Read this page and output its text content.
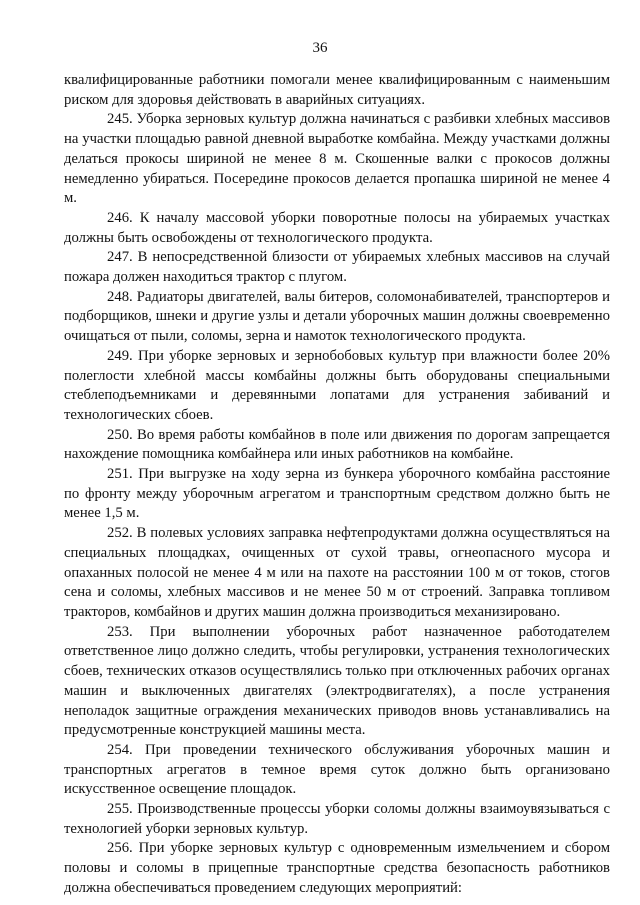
36

квалифицированные работники помогали менее квалифицированным с наименьшим риском для здоровья действовать в аварийных ситуациях.

245. Уборка зерновых культур должна начинаться с разбивки хлебных массивов на участки площадью равной дневной выработке комбайна. Между участками должны делаться прокосы шириной не менее 8 м. Скошенные валки с прокосов должны немедленно убираться. Посередине прокосов делается пропашка шириной не менее 4 м.

246. К началу массовой уборки поворотные полосы на убираемых участках должны быть освобождены от технологического продукта.

247. В непосредственной близости от убираемых хлебных массивов на случай пожара должен находиться трактор с плугом.

248. Радиаторы двигателей, валы битеров, соломонабивателей, транспортеров и подборщиков, шнеки и другие узлы и детали уборочных машин должны своевременно очищаться от пыли, соломы, зерна и намоток технологического продукта.

249. При уборке зерновых и зернобобовых культур при влажности более 20% полеглости хлебной массы комбайны должны быть оборудованы специальными стеблеподъемниками и деревянными лопатами для устранения забиваний и технологических сбоев.

250. Во время работы комбайнов в поле или движения по дорогам запрещается нахождение помощника комбайнера или иных работников на комбайне.

251. При выгрузке на ходу зерна из бункера уборочного комбайна расстояние по фронту между уборочным агрегатом и транспортным средством должно быть не менее 1,5 м.

252. В полевых условиях заправка нефтепродуктами должна осуществляться на специальных площадках, очищенных от сухой травы, огнеопасного мусора и опаханных полосой не менее 4 м или на пахоте на расстоянии 100 м от токов, стогов сена и соломы, хлебных массивов и не менее 50 м от строений. Заправка топливом тракторов, комбайнов и других машин должна производиться механизировано.

253. При выполнении уборочных работ назначенное работодателем ответственное лицо должно следить, чтобы регулировки, устранения технологических сбоев, технических отказов осуществлялись только при отключенных рабочих органах машин и выключенных двигателях (электродвигателях), а после устранения неполадок защитные ограждения механических приводов вновь устанавливались на предусмотренные конструкцией машины места.

254. При проведении технического обслуживания уборочных машин и транспортных агрегатов в темное время суток должно быть организовано искусственное освещение площадок.

255. Производственные процессы уборки соломы должны взаимоувязываться с технологией уборки зерновых культур.

256. При уборке зерновых культур с одновременным измельчением и сбором половы и соломы в прицепные транспортные средства безопасность работников должна обеспечиваться проведением следующих мероприятий:
